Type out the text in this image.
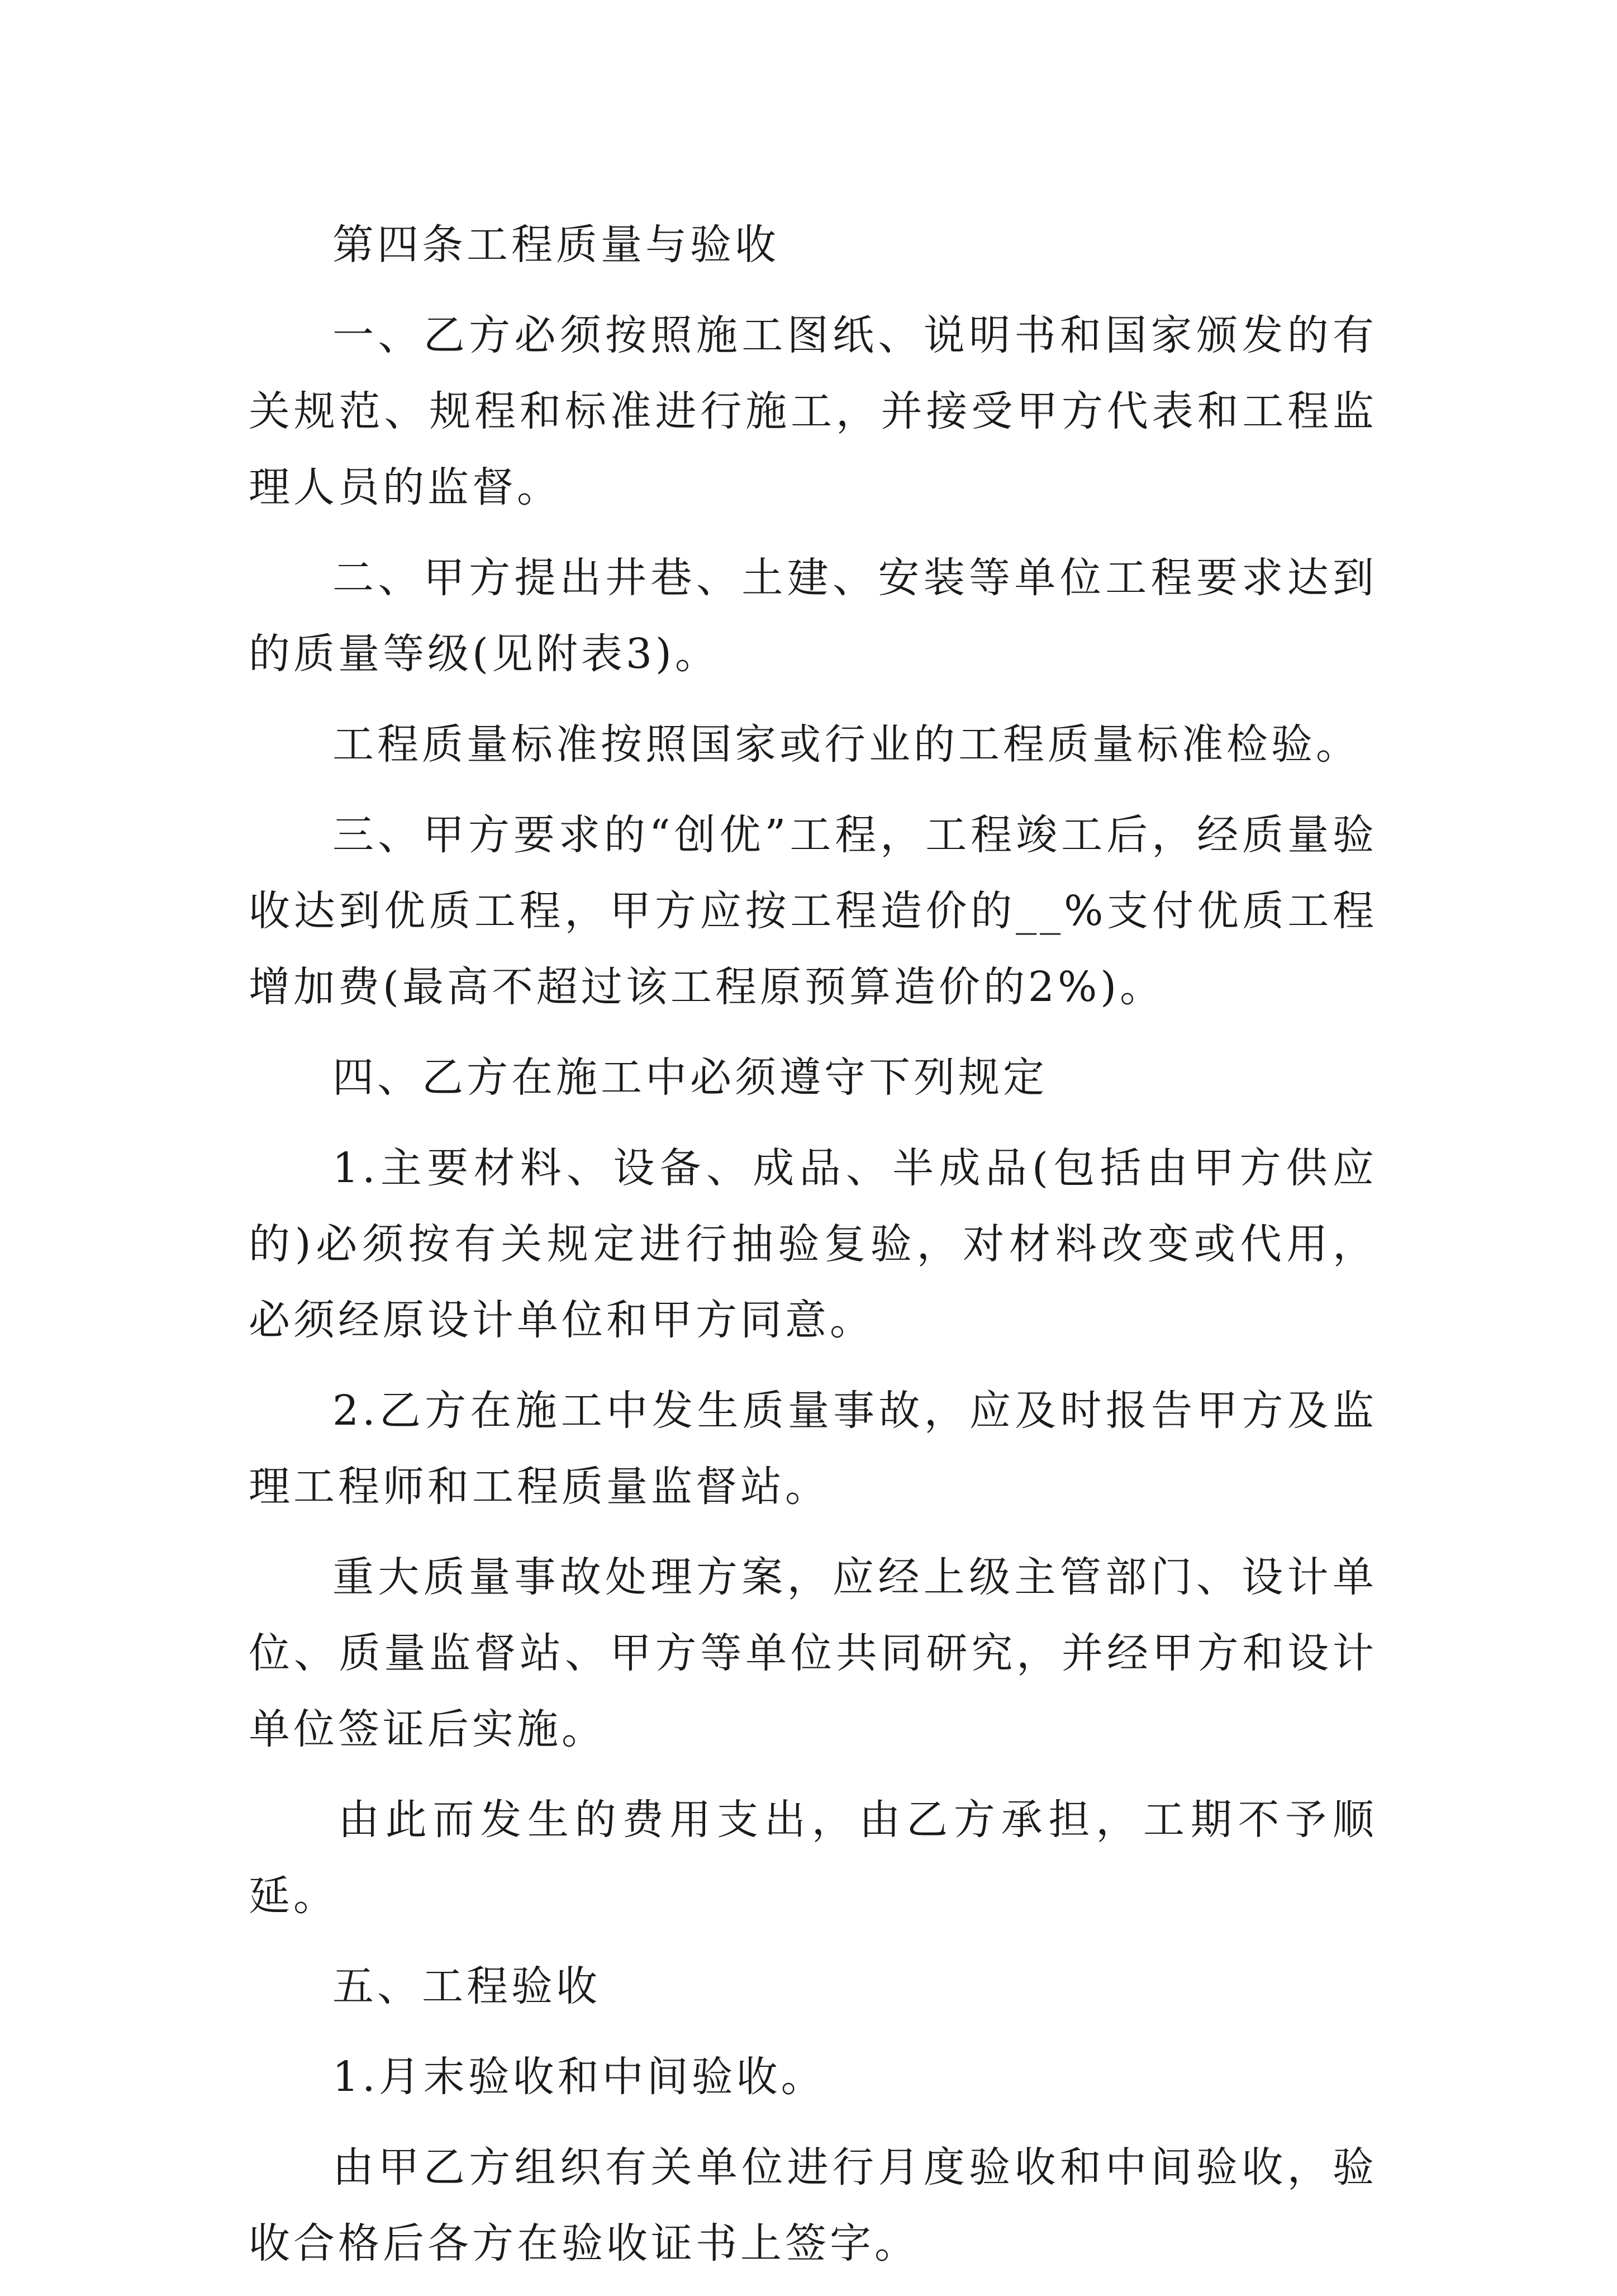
第四条工程质量与验收

一、乙方必须按照施工图纸、说明书和国家颁发的有关规范、规程和标准进行施工，并接受甲方代表和工程监理人员的监督。

二、甲方提出井巷、土建、安装等单位工程要求达到的质量等级(见附表3)。

工程质量标准按照国家或行业的工程质量标准检验。

三、甲方要求的“创优”工程，工程竣工后，经质量验收达到优质工程，甲方应按工程造价的__%支付优质工程增加费(最高不超过该工程原预算造价的2%)。

四、乙方在施工中必须遵守下列规定

1.主要材料、设备、成品、半成品(包括由甲方供应的)必须按有关规定进行抽验复验，对材料改变或代用，必须经原设计单位和甲方同意。

2.乙方在施工中发生质量事故，应及时报告甲方及监理工程师和工程质量监督站。

重大质量事故处理方案，应经上级主管部门、设计单位、质量监督站、甲方等单位共同研究，并经甲方和设计单位签证后实施。

由此而发生的费用支出，由乙方承担，工期不予顺延。

五、工程验收

1.月末验收和中间验收。

由甲乙方组织有关单位进行月度验收和中间验收，验收合格后各方在验收证书上签字。
